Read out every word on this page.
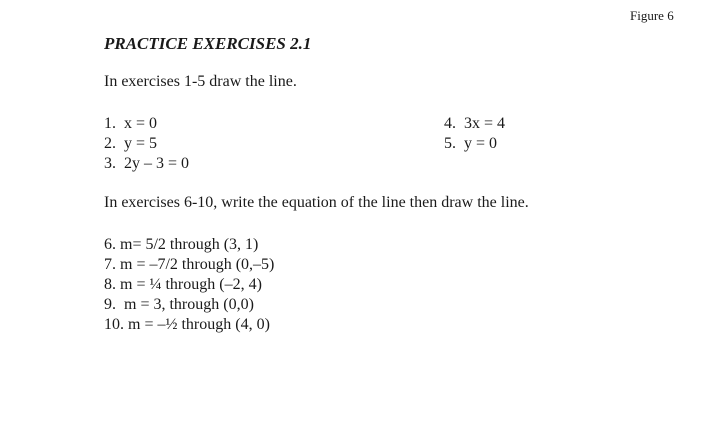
Figure 6
PRACTICE EXERCISES 2.1
In exercises 1-5 draw the line.
1.  x = 0
2.  y = 5
3.  2y – 3 = 0
4.  3x = 4
5.  y = 0
In exercises 6-10, write the equation of the line then draw the line.
6. m= 5/2 through (3, 1)
7. m = –7/2 through (0,–5)
8. m = ¼ through (–2, 4)
9.  m = 3, through (0,0)
10. m = –½ through (4, 0)
